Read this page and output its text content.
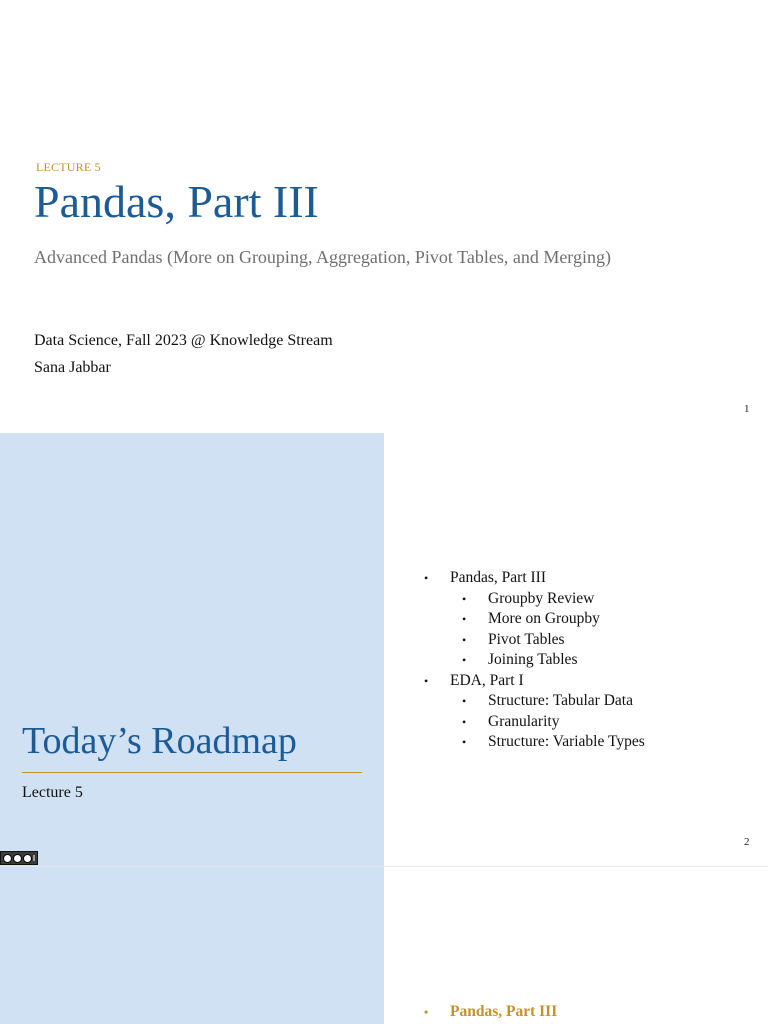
LECTURE 5
Pandas, Part III
Advanced Pandas (More on Grouping, Aggregation, Pivot Tables, and Merging)
Data Science, Fall 2023 @ Knowledge Stream
Sana Jabbar
1
Today’s Roadmap
Lecture 5
• Pandas, Part III
• Groupby Review
• More on Groupby
• Pivot Tables
• Joining Tables
• EDA, Part I
• Structure: Tabular Data
• Granularity
• Structure: Variable Types
2
• Pandas, Part III
